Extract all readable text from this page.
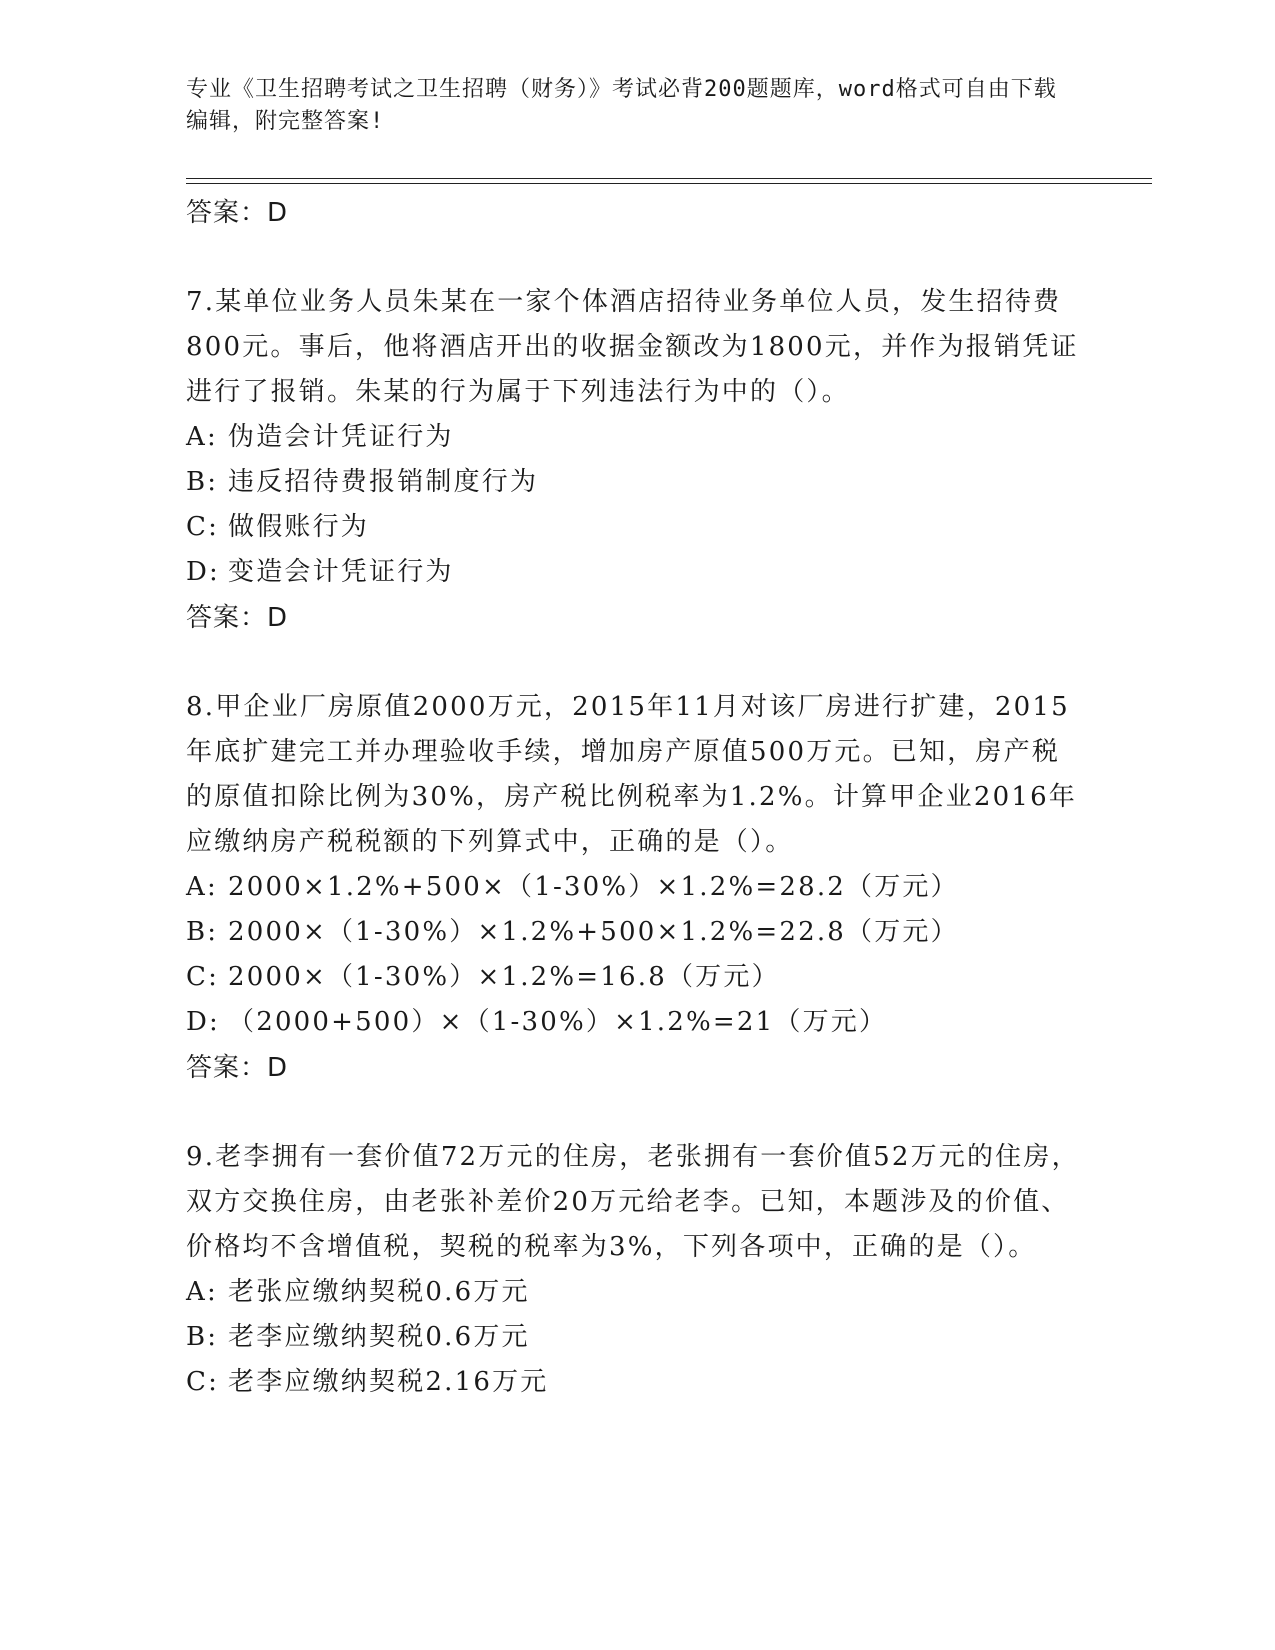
专业《卫生招聘考试之卫生招聘（财务）》考试必背200题题库，word格式可自由下载编辑，附完整答案!
答案：D
7.某单位业务人员朱某在一家个体酒店招待业务单位人员，发生招待费800元。事后，他将酒店开出的收据金额改为1800元，并作为报销凭证进行了报销。朱某的行为属于下列违法行为中的（）。
A: 伪造会计凭证行为
B: 违反招待费报销制度行为
C: 做假账行为
D: 变造会计凭证行为
答案：D
8.甲企业厂房原值2000万元，2015年11月对该厂房进行扩建，2015年底扩建完工并办理验收手续，增加房产原值500万元。已知，房产税的原值扣除比例为30%，房产税比例税率为1.2%。计算甲企业2016年应缴纳房产税税额的下列算式中，正确的是（）。
A: 2000×1.2%+500×（1-30%）×1.2%=28.2（万元）
B: 2000×（1-30%）×1.2%+500×1.2%=22.8（万元）
C: 2000×（1-30%）×1.2%=16.8（万元）
D: （2000+500）×（1-30%）×1.2%=21（万元）
答案：D
9.老李拥有一套价值72万元的住房，老张拥有一套价值52万元的住房，双方交换住房，由老张补差价20万元给老李。已知，本题涉及的价值、价格均不含增值税，契税的税率为3%，下列各项中，正确的是（）。
A: 老张应缴纳契税0.6万元
B: 老李应缴纳契税0.6万元
C: 老李应缴纳契税2.16万元
